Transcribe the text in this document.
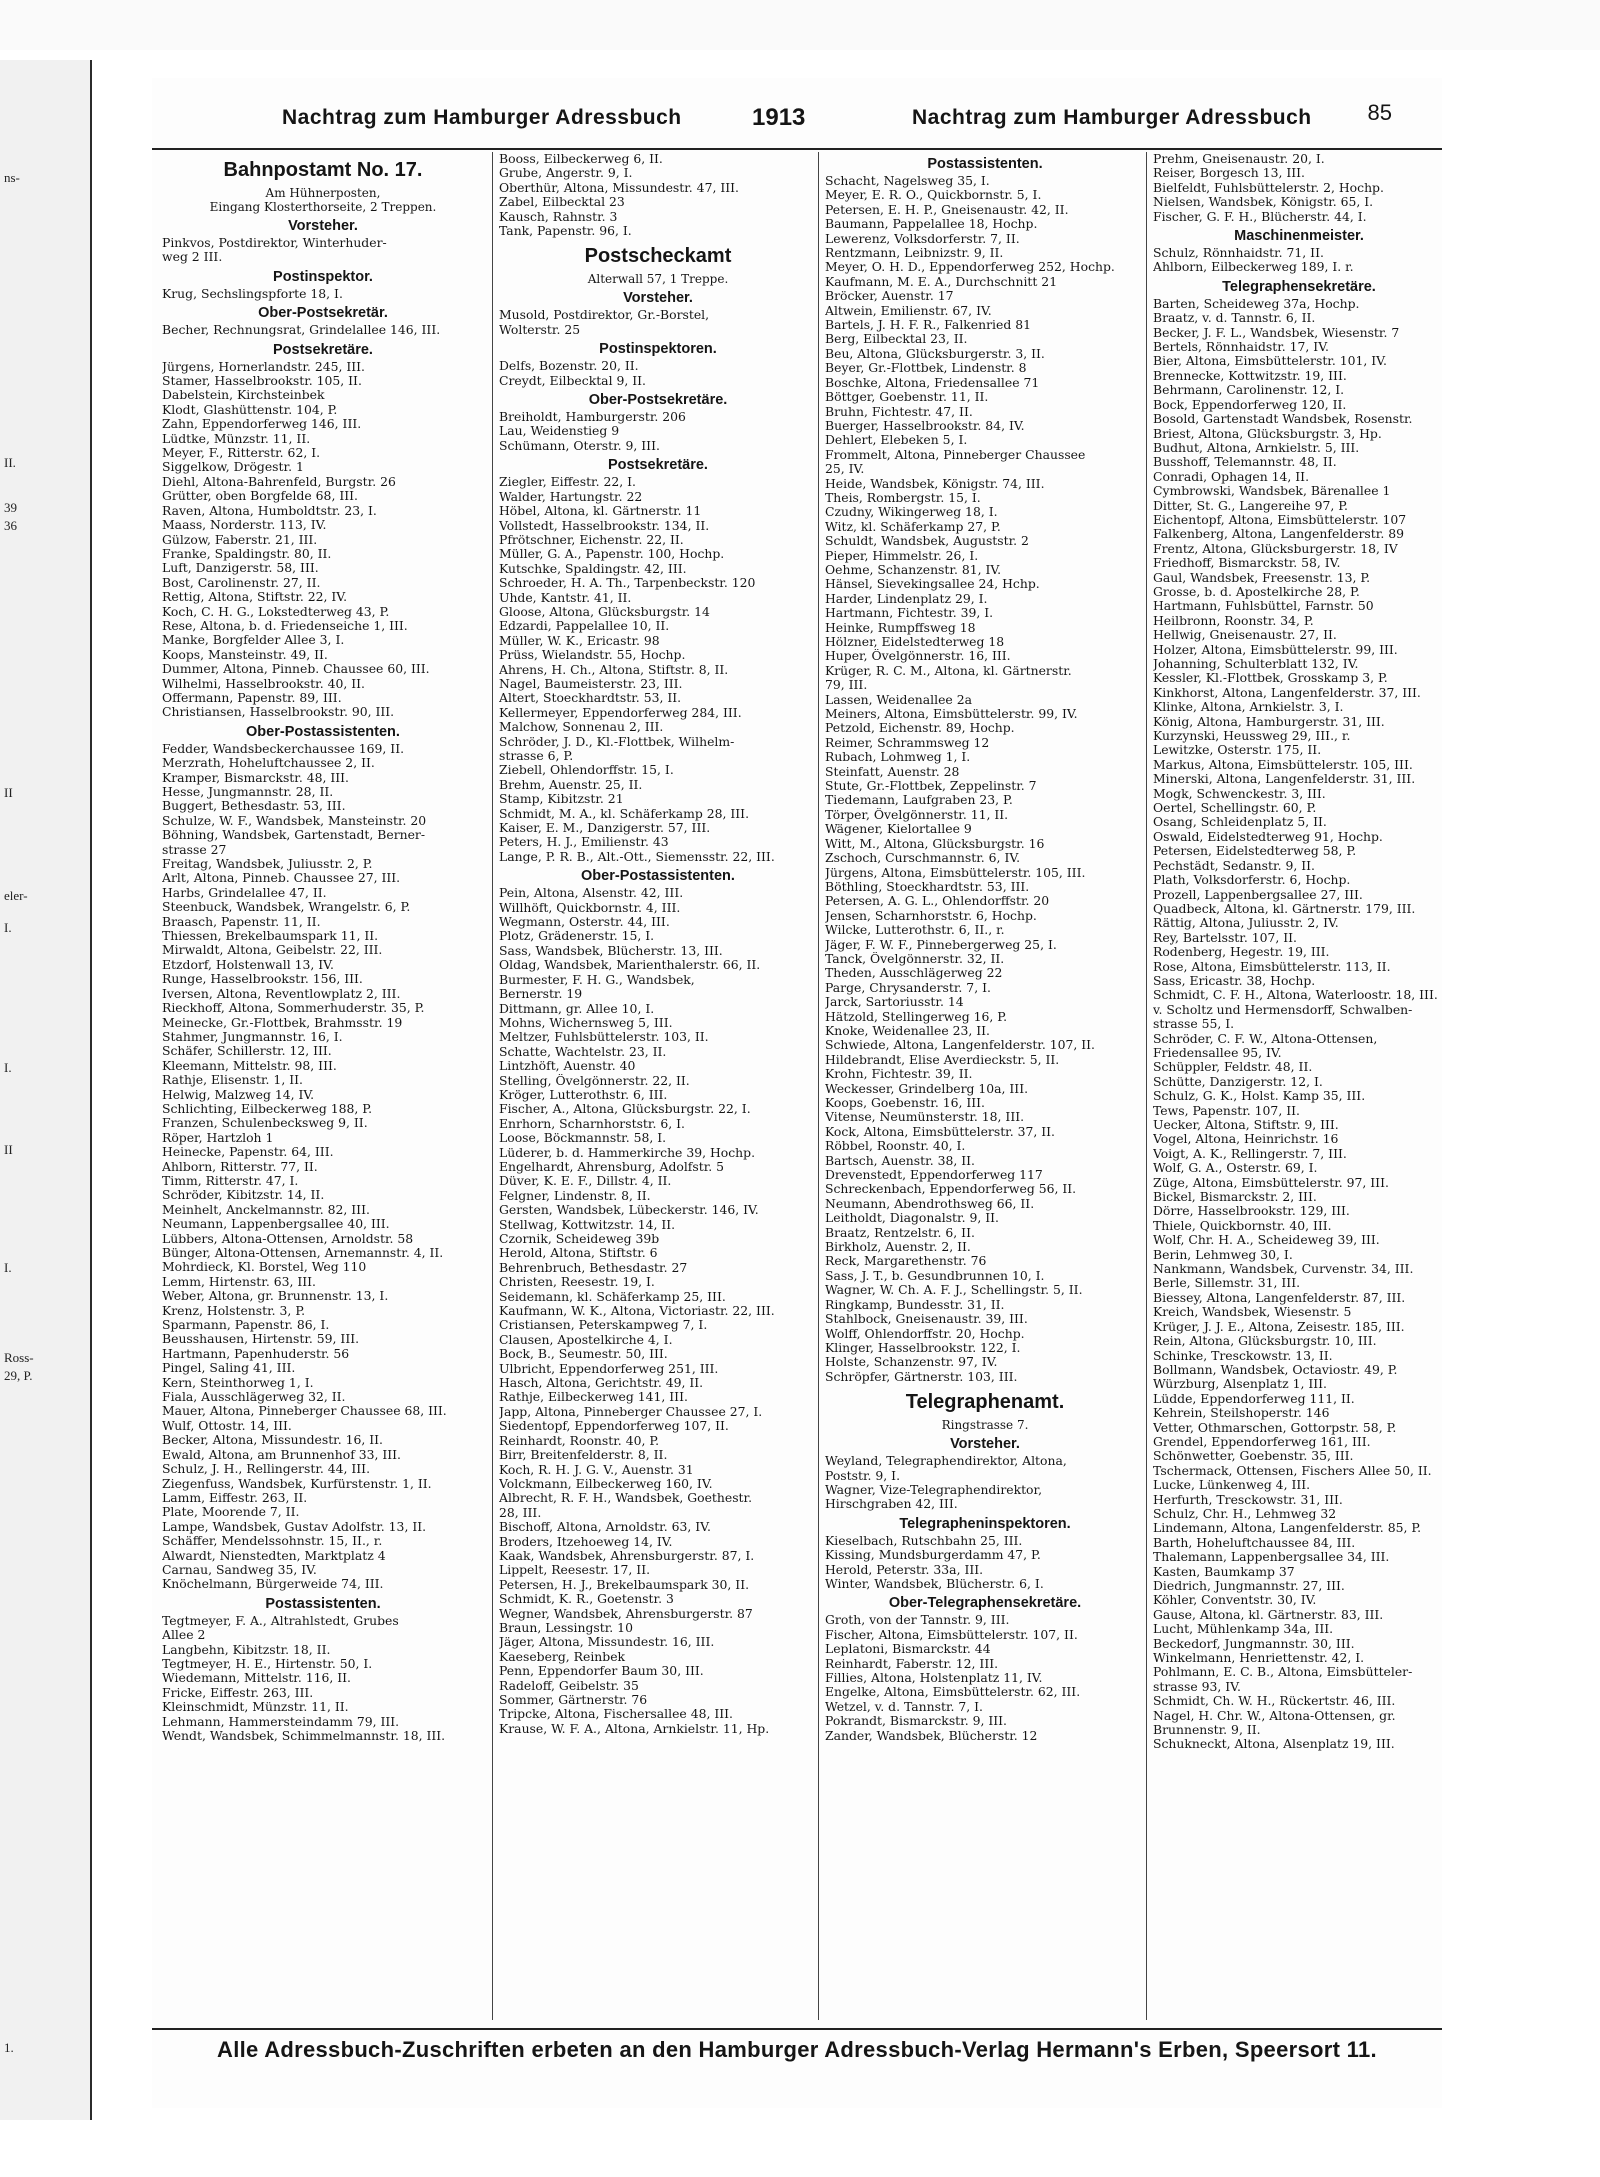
ns-
II.
39
36
II
eler-
I.
I.
II
I.
Ross-
29, P.
1.
Nachtrag zum Hamburger Adressbuch	1913	Nachtrag zum Hamburger Adressbuch	85
Bahnpostamt No. 17.
Am Hühnerposten,
Eingang Klosterthorseite, 2 Treppen.
Vorsteher.
Pinkvos, Postdirektor, Winterhuder-
weg 2 III.
Postinspektor.
Krug, Sechslingspforte 18, I.
Ober-Postsekretär.
Becher, Rechnungsrat, Grindelallee 146, III.
Postsekretäre.
Jürgens, Hornerlandstr. 245, III.
Stamer, Hasselbrookstr. 105, II.
Dabelstein, Kirchsteinbek
Klodt, Glashüttenstr. 104, P.
Zahn, Eppendorferweg 146, III.
Lüdtke, Münzstr. 11, II.
Meyer, F., Ritterstr. 62, I.
Siggelkow, Drögestr. 1
Diehl, Altona-Bahrenfeld, Burgstr. 26
Grütter, oben Borgfelde 68, III.
Raven, Altona, Humboldtstr. 23, I.
Maass, Norderstr. 113, IV.
Gülzow, Faberstr. 21, III.
Franke, Spaldingstr. 80, II.
Luft, Danzigerstr. 58, III.
Bost, Carolinenstr. 27, II.
Rettig, Altona, Stiftstr. 22, IV.
Koch, C. H. G., Lokstedterweg 43, P.
Rese, Altona, b. d. Friedenseiche 1, III.
Manke, Borgfelder Allee 3, I.
Koops, Mansteinstr. 49, II.
Dummer, Altona, Pinneb. Chaussee 60, III.
Wilhelmi, Hasselbrookstr. 40, II.
Offermann, Papenstr. 89, III.
Christiansen, Hasselbrookstr. 90, III.
Ober-Postassistenten.
Fedder, Wandsbeckerchaussee 169, II.
Merzrath, Hoheluftchaussee 2, II.
Kramper, Bismarckstr. 48, III.
Hesse, Jungmannstr. 28, II.
Buggert, Bethesdastr. 53, III.
Schulze, W. F., Wandsbek, Mansteinstr. 20
Böhning, Wandsbek, Gartenstadt, Berner-
strasse 27
Freitag, Wandsbek, Juliusstr. 2, P.
Arlt, Altona, Pinneb. Chaussee 27, III.
Harbs, Grindelallee 47, II.
Steenbuck, Wandsbek, Wrangelstr. 6, P.
Braasch, Papenstr. 11, II.
Thiessen, Brekelbaumspark 11, II.
Mirwaldt, Altona, Geibelstr. 22, III.
Etzdorf, Holstenwall 13, IV.
Runge, Hasselbrookstr. 156, III.
Iversen, Altona, Reventlowplatz 2, III.
Rieckhoff, Altona, Sommerhuderstr. 35, P.
Meinecke, Gr.-Flottbek, Brahmsstr. 19
Stahmer, Jungmannstr. 16, I.
Schäfer, Schillerstr. 12, III.
Kleemann, Mittelstr. 98, III.
Rathje, Elisenstr. 1, II.
Helwig, Malzweg 14, IV.
Schlichting, Eilbeckerweg 188, P.
Franzen, Schulenbecksweg 9, II.
Röper, Hartzloh 1
Heinecke, Papenstr. 64, III.
Ahlborn, Ritterstr. 77, II.
Timm, Ritterstr. 47, I.
Schröder, Kibitzstr. 14, II.
Meinhelt, Anckelmannstr. 82, III.
Neumann, Lappenbergsallee 40, III.
Lübbers, Altona-Ottensen, Arnoldstr. 58
Bünger, Altona-Ottensen, Arnemannstr. 4, II.
Mohrdieck, Kl. Borstel, Weg 110
Lemm, Hirtenstr. 63, III.
Weber, Altona, gr. Brunnenstr. 13, I.
Krenz, Holstenstr. 3, P.
Sparmann, Papenstr. 86, I.
Beusshausen, Hirtenstr. 59, III.
Hartmann, Papenhuderstr. 56
Pingel, Saling 41, III.
Kern, Steinthorweg 1, I.
Fiala, Ausschlägerweg 32, II.
Mauer, Altona, Pinneberger Chaussee 68, III.
Wulf, Ottostr. 14, III.
Becker, Altona, Missundestr. 16, II.
Ewald, Altona, am Brunnenhof 33, III.
Schulz, J. H., Rellingerstr. 44, III.
Ziegenfuss, Wandsbek, Kurfürstenstr. 1, II.
Lamm, Eiffestr. 263, II.
Plate, Moorende 7, II.
Lampe, Wandsbek, Gustav Adolfstr. 13, II.
Schäffer, Mendelssohnstr. 15, II., r.
Alwardt, Nienstedten, Marktplatz 4
Carnau, Sandweg 35, IV.
Knöchelmann, Bürgerweide 74, III.
Postassistenten.
Tegtmeyer, F. A., Altrahlstedt, Grubes
Allee 2
Langbehn, Kibitzstr. 18, II.
Tegtmeyer, H. E., Hirtenstr. 50, I.
Wiedemann, Mittelstr. 116, II.
Fricke, Eiffestr. 263, III.
Kleinschmidt, Münzstr. 11, II.
Lehmann, Hammersteindamm 79, III.
Wendt, Wandsbek, Schimmelmannstr. 18, III.
Booss, Eilbeckerweg 6, II.
Grube, Angerstr. 9, I.
Oberthür, Altona, Missundestr. 47, III.
Zabel, Eilbecktal 23
Kausch, Rahnstr. 3
Tank, Papenstr. 96, I.
Postscheckamt
Alterwall 57, 1 Treppe.
Vorsteher.
Musold, Postdirektor, Gr.-Borstel,
Wolterstr. 25
Postinspektoren.
Delfs, Bozenstr. 20, II.
Creydt, Eilbecktal 9, II.
Ober-Postsekretäre.
Breiholdt, Hamburgerstr. 206
Lau, Weidenstieg 9
Schümann, Oterstr. 9, III.
Postsekretäre.
Ziegler, Eiffestr. 22, I.
Walder, Hartungstr. 22
Höbel, Altona, kl. Gärtnerstr. 11
Vollstedt, Hasselbrookstr. 134, II.
Pfrötschner, Eichenstr. 22, II.
Müller, G. A., Papenstr. 100, Hochp.
Kutschke, Spaldingstr. 42, III.
Schroeder, H. A. Th., Tarpenbeckstr. 120
Uhde, Kantstr. 41, II.
Gloose, Altona, Glücksburgstr. 14
Edzardi, Pappelallee 10, II.
Müller, W. K., Ericastr. 98
Prüss, Wielandstr. 55, Hochp.
Ahrens, H. Ch., Altona, Stiftstr. 8, II.
Nagel, Baumeisterstr. 23, III.
Altert, Stoeckhardtstr. 53, II.
Kellermeyer, Eppendorferweg 284, III.
Malchow, Sonnenau 2, III.
Schröder, J. D., Kl.-Flottbek, Wilhelm-
strasse 6, P.
Ziebell, Ohlendorffstr. 15, I.
Brehm, Auenstr. 25, II.
Stamp, Kibitzstr. 21
Schmidt, M. A., kl. Schäferkamp 28, III.
Kaiser, E. M., Danzigerstr. 57, III.
Peters, H. J., Emilienstr. 43
Lange, P. R. B., Alt.-Ott., Siemensstr. 22, III.
Ober-Postassistenten.
Pein, Altona, Alsenstr. 42, III.
Willhöft, Quickbornstr. 4, III.
Wegmann, Osterstr. 44, III.
Plotz, Grädenerstr. 15, I.
Sass, Wandsbek, Blücherstr. 13, III.
Oldag, Wandsbek, Marienthalerstr. 66, II.
Burmester, F. H. G., Wandsbek,
Bernerstr. 19
Dittmann, gr. Allee 10, I.
Mohns, Wichernsweg 5, III.
Meltzer, Fuhlsbüttelerstr. 103, II.
Schatte, Wachtelstr. 23, II.
Lintzhöft, Auenstr. 40
Stelling, Övelgönnerstr. 22, II.
Kröger, Lutterothstr. 6, III.
Fischer, A., Altona, Glücksburgstr. 22, I.
Enrhorn, Scharnhorststr. 6, I.
Loose, Böckmannstr. 58, I.
Lüderer, b. d. Hammerkirche 39, Hochp.
Engelhardt, Ahrensburg, Adolfstr. 5
Düver, K. E. F., Dillstr. 4, II.
Felgner, Lindenstr. 8, II.
Gersten, Wandsbek, Lübeckerstr. 146, IV.
Stellwag, Kottwitzstr. 14, II.
Czornik, Scheideweg 39b
Herold, Altona, Stiftstr. 6
Behrenbruch, Bethesdastr. 27
Christen, Reesestr. 19, I.
Seidemann, kl. Schäferkamp 25, III.
Kaufmann, W. K., Altona, Victoriastr. 22, III.
Cristiansen, Peterskampweg 7, I.
Clausen, Apostelkirche 4, I.
Bock, B., Seumestr. 50, III.
Ulbricht, Eppendorferweg 251, III.
Hasch, Altona, Gerichtstr. 49, II.
Rathje, Eilbeckerweg 141, III.
Japp, Altona, Pinneberger Chaussee 27, I.
Siedentopf, Eppendorferweg 107, II.
Reinhardt, Roonstr. 40, P.
Birr, Breitenfelderstr. 8, II.
Koch, R. H. J. G. V., Auenstr. 31
Volckmann, Eilbeckerweg 160, IV.
Albrecht, R. F. H., Wandsbek, Goethestr.
28, III.
Bischoff, Altona, Arnoldstr. 63, IV.
Broders, Itzehoeweg 14, IV.
Kaak, Wandsbek, Ahrensburgerstr. 87, I.
Lippelt, Reesestr. 17, II.
Petersen, H. J., Brekelbaumspark 30, II.
Schmidt, K. R., Goetenstr. 3
Wegner, Wandsbek, Ahrensburgerstr. 87
Braun, Lessingstr. 10
Jäger, Altona, Missundestr. 16, III.
Kaeseberg, Reinbek
Penn, Eppendorfer Baum 30, III.
Radeloff, Geibelstr. 35
Sommer, Gärtnerstr. 76
Tripcke, Altona, Fischersallee 48, III.
Krause, W. F. A., Altona, Arnkielstr. 11, Hp.
Postassistenten.
Schacht, Nagelsweg 35, I.
Meyer, E. R. O., Quickbornstr. 5, I.
Petersen, E. H. P., Gneisenaustr. 42, II.
Baumann, Pappelallee 18, Hochp.
Lewerenz, Volksdorferstr. 7, II.
Rentzmann, Leibnizstr. 9, II.
Meyer, O. H. D., Eppendorferweg 252, Hochp.
Kaufmann, M. E. A., Durchschnitt 21
Bröcker, Auenstr. 17
Altwein, Emilienstr. 67, IV.
Bartels, J. H. F. R., Falkenried 81
Berg, Eilbecktal 23, II.
Beu, Altona, Glücksburgerstr. 3, II.
Beyer, Gr.-Flottbek, Lindenstr. 8
Boschke, Altona, Friedensallee 71
Böttger, Goebenstr. 11, II.
Bruhn, Fichtestr. 47, II.
Buerger, Hasselbrookstr. 84, IV.
Dehlert, Elebeken 5, I.
Frommelt, Altona, Pinneberger Chaussee
25, IV.
Heide, Wandsbek, Königstr. 74, III.
Theis, Rombergstr. 15, I.
Czudny, Wikingerweg 18, I.
Witz, kl. Schäferkamp 27, P.
Schuldt, Wandsbek, Auguststr. 2
Pieper, Himmelstr. 26, I.
Oehme, Schanzenstr. 81, IV.
Hänsel, Sievekingsallee 24, Hchp.
Harder, Lindenplatz 29, I.
Hartmann, Fichtestr. 39, I.
Heinke, Rumpffsweg 18
Hölzner, Eidelstedterweg 18
Huper, Övelgönnerstr. 16, III.
Krüger, R. C. M., Altona, kl. Gärtnerstr.
79, III.
Lassen, Weidenallee 2a
Meiners, Altona, Eimsbüttelerstr. 99, IV.
Petzold, Eichenstr. 89, Hochp.
Reimer, Schrammsweg 12
Rubach, Lohmweg 1, I.
Steinfatt, Auenstr. 28
Stute, Gr.-Flottbek, Zeppelinstr. 7
Tiedemann, Laufgraben 23, P.
Törper, Övelgönnerstr. 11, II.
Wägener, Kielortallee 9
Witt, M., Altona, Glücksburgstr. 16
Zschoch, Curschmannstr. 6, IV.
Jürgens, Altona, Eimsbüttelerstr. 105, III.
Böthling, Stoeckhardtstr. 53, III.
Petersen, A. G. L., Ohlendorffstr. 20
Jensen, Scharnhorststr. 6, Hochp.
Wilcke, Lutterothstr. 6, II., r.
Jäger, F. W. F., Pinnebergerweg 25, I.
Tanck, Övelgönnerstr. 32, II.
Theden, Ausschlägerweg 22
Parge, Chrysanderstr. 7, I.
Jarck, Sartoriusstr. 14
Hätzold, Stellingerweg 16, P.
Knoke, Weidenallee 23, II.
Schwiede, Altona, Langenfelderstr. 107, II.
Hildebrandt, Elise Averdieckstr. 5, II.
Krohn, Fichtestr. 39, II.
Weckesser, Grindelberg 10a, III.
Koops, Goebenstr. 16, III.
Vitense, Neumünsterstr. 18, III.
Kock, Altona, Eimsbüttelerstr. 37, II.
Röbbel, Roonstr. 40, I.
Bartsch, Auenstr. 38, II.
Drevenstedt, Eppendorferweg 117
Schreckenbach, Eppendorferweg 56, II.
Neumann, Abendrothsweg 66, II.
Leitholdt, Diagonalstr. 9, II.
Braatz, Rentzelstr. 6, II.
Birkholz, Auenstr. 2, II.
Reck, Margarethenstr. 76
Sass, J. T., b. Gesundbrunnen 10, I.
Wagner, W. Ch. A. F. J., Schellingstr. 5, II.
Ringkamp, Bundesstr. 31, II.
Stahlbock, Gneisenaustr. 39, III.
Wolff, Ohlendorffstr. 20, Hochp.
Klinger, Hasselbrookstr. 122, I.
Holste, Schanzenstr. 97, IV.
Schröpfer, Gärtnerstr. 103, III.
Telegraphenamt.
Ringstrasse 7.
Vorsteher.
Weyland, Telegraphendirektor, Altona,
Poststr. 9, I.
Wagner, Vize-Telegraphendirektor,
Hirschgraben 42, III.
Telegrapheninspektoren.
Kieselbach, Rutschbahn 25, III.
Kissing, Mundsburgerdamm 47, P.
Herold, Peterstr. 33a, III.
Winter, Wandsbek, Blücherstr. 6, I.
Ober-Telegraphensekretäre.
Groth, von der Tannstr. 9, III.
Fischer, Altona, Eimsbüttelerstr. 107, II.
Leplatoni, Bismarckstr. 44
Reinhardt, Faberstr. 12, III.
Fillies, Altona, Holstenplatz 11, IV.
Engelke, Altona, Eimsbüttelerstr. 62, III.
Wetzel, v. d. Tannstr. 7, I.
Pokrandt, Bismarckstr. 9, III.
Zander, Wandsbek, Blücherstr. 12
Prehm, Gneisenaustr. 20, I.
Reiser, Borgesch 13, III.
Bielfeldt, Fuhlsbüttelerstr. 2, Hochp.
Nielsen, Wandsbek, Königstr. 65, I.
Fischer, G. F. H., Blücherstr. 44, I.
Maschinenmeister.
Schulz, Rönnhaidstr. 71, II.
Ahlborn, Eilbeckerweg 189, I. r.
Telegraphensekretäre.
Barten, Scheideweg 37a, Hochp.
Braatz, v. d. Tannstr. 6, II.
Becker, J. F. L., Wandsbek, Wiesenstr. 7
Bertels, Rönnhaidstr. 17, IV.
Bier, Altona, Eimsbüttelerstr. 101, IV.
Brennecke, Kottwitzstr. 19, III.
Behrmann, Carolinenstr. 12, I.
Bock, Eppendorferweg 120, II.
Bosold, Gartenstadt Wandsbek, Rosenstr.
Briest, Altona, Glücksburgstr. 3, Hp.
Budhut, Altona, Arnkielstr. 5, III.
Busshoff, Telemannstr. 48, II.
Conradi, Ophagen 14, II.
Cymbrowski, Wandsbek, Bärenallee 1
Ditter, St. G., Langereihe 97, P.
Eichentopf, Altona, Eimsbüttelerstr. 107
Falkenberg, Altona, Langenfelderstr. 89
Frentz, Altona, Glücksburgerstr. 18, IV
Friedhoff, Bismarckstr. 58, IV.
Gaul, Wandsbek, Freesenstr. 13, P.
Grosse, b. d. Apostelkirche 28, P.
Hartmann, Fuhlsbüttel, Farnstr. 50
Heilbronn, Roonstr. 34, P.
Hellwig, Gneisenaustr. 27, II.
Holzer, Altona, Eimsbüttelerstr. 99, III.
Johanning, Schulterblatt 132, IV.
Kessler, Kl.-Flottbek, Grosskamp 3, P.
Kinkhorst, Altona, Langenfelderstr. 37, III.
Klinke, Altona, Arnkielstr. 3, I.
König, Altona, Hamburgerstr. 31, III.
Kurzynski, Heussweg 29, III., r.
Lewitzke, Osterstr. 175, II.
Markus, Altona, Eimsbüttelerstr. 105, III.
Minerski, Altona, Langenfelderstr. 31, III.
Mogk, Schwenckestr. 3, III.
Oertel, Schellingstr. 60, P.
Osang, Schleidenplatz 5, II.
Oswald, Eidelstedterweg 91, Hochp.
Petersen, Eidelstedterweg 58, P.
Pechstädt, Sedanstr. 9, II.
Plath, Volksdorferstr. 6, Hochp.
Prozell, Lappenbergsallee 27, III.
Quadbeck, Altona, kl. Gärtnerstr. 179, III.
Rättig, Altona, Juliusstr. 2, IV.
Rey, Bartelsstr. 107, II.
Rodenberg, Hegestr. 19, III.
Rose, Altona, Eimsbüttelerstr. 113, II.
Sass, Ericastr. 38, Hochp.
Schmidt, C. F. H., Altona, Waterloostr. 18, III.
v. Scholtz und Hermensdorff, Schwalben-
strasse 55, I.
Schröder, C. F. W., Altona-Ottensen,
Friedensallee 95, IV.
Schüppler, Feldstr. 48, II.
Schütte, Danzigerstr. 12, I.
Schulz, G. K., Holst. Kamp 35, III.
Tews, Papenstr. 107, II.
Uecker, Altona, Stiftstr. 9, III.
Vogel, Altona, Heinrichstr. 16
Voigt, A. K., Rellingerstr. 7, III.
Wolf, G. A., Osterstr. 69, I.
Züge, Altona, Eimsbüttelerstr. 97, III.
Bickel, Bismarckstr. 2, III.
Dörre, Hasselbrookstr. 129, III.
Thiele, Quickbornstr. 40, III.
Wolf, Chr. H. A., Scheideweg 39, III.
Berin, Lehmweg 30, I.
Nankmann, Wandsbek, Curvenstr. 34, III.
Berle, Sillemstr. 31, III.
Biessey, Altona, Langenfelderstr. 87, III.
Kreich, Wandsbek, Wiesenstr. 5
Krüger, J. J. E., Altona, Zeisestr. 185, III.
Rein, Altona, Glücksburgstr. 10, III.
Schinke, Tresckowstr. 13, II.
Bollmann, Wandsbek, Octaviostr. 49, P.
Würzburg, Alsenplatz 1, III.
Lüdde, Eppendorferweg 111, II.
Kehrein, Steilshoperstr. 146
Vetter, Othmarschen, Gottorpstr. 58, P.
Grendel, Eppendorferweg 161, III.
Schönwetter, Goebenstr. 35, III.
Tschermack, Ottensen, Fischers Allee 50, II.
Lucke, Lünkenweg 4, III.
Herfurth, Tresckowstr. 31, III.
Schulz, Chr. H., Lehmweg 32
Lindemann, Altona, Langenfelderstr. 85, P.
Barth, Hoheluftchaussee 84, III.
Thalemann, Lappenbergsallee 34, III.
Kasten, Baumkamp 37
Diedrich, Jungmannstr. 27, III.
Köhler, Conventstr. 30, IV.
Gause, Altona, kl. Gärtnerstr. 83, III.
Lucht, Mühlenkamp 34a, III.
Beckedorf, Jungmannstr. 30, III.
Winkelmann, Henriettenstr. 42, I.
Pohlmann, E. C. B., Altona, Eimsbütteler-
strasse 93, IV.
Schmidt, Ch. W. H., Rückertstr. 46, III.
Nagel, H. Chr. W., Altona-Ottensen, gr.
Brunnenstr. 9, II.
Schukneckt, Altona, Alsenplatz 19, III.
Alle Adressbuch-Zuschriften erbeten an den Hamburger Adressbuch-Verlag Hermann's Erben, Speersort 11.
